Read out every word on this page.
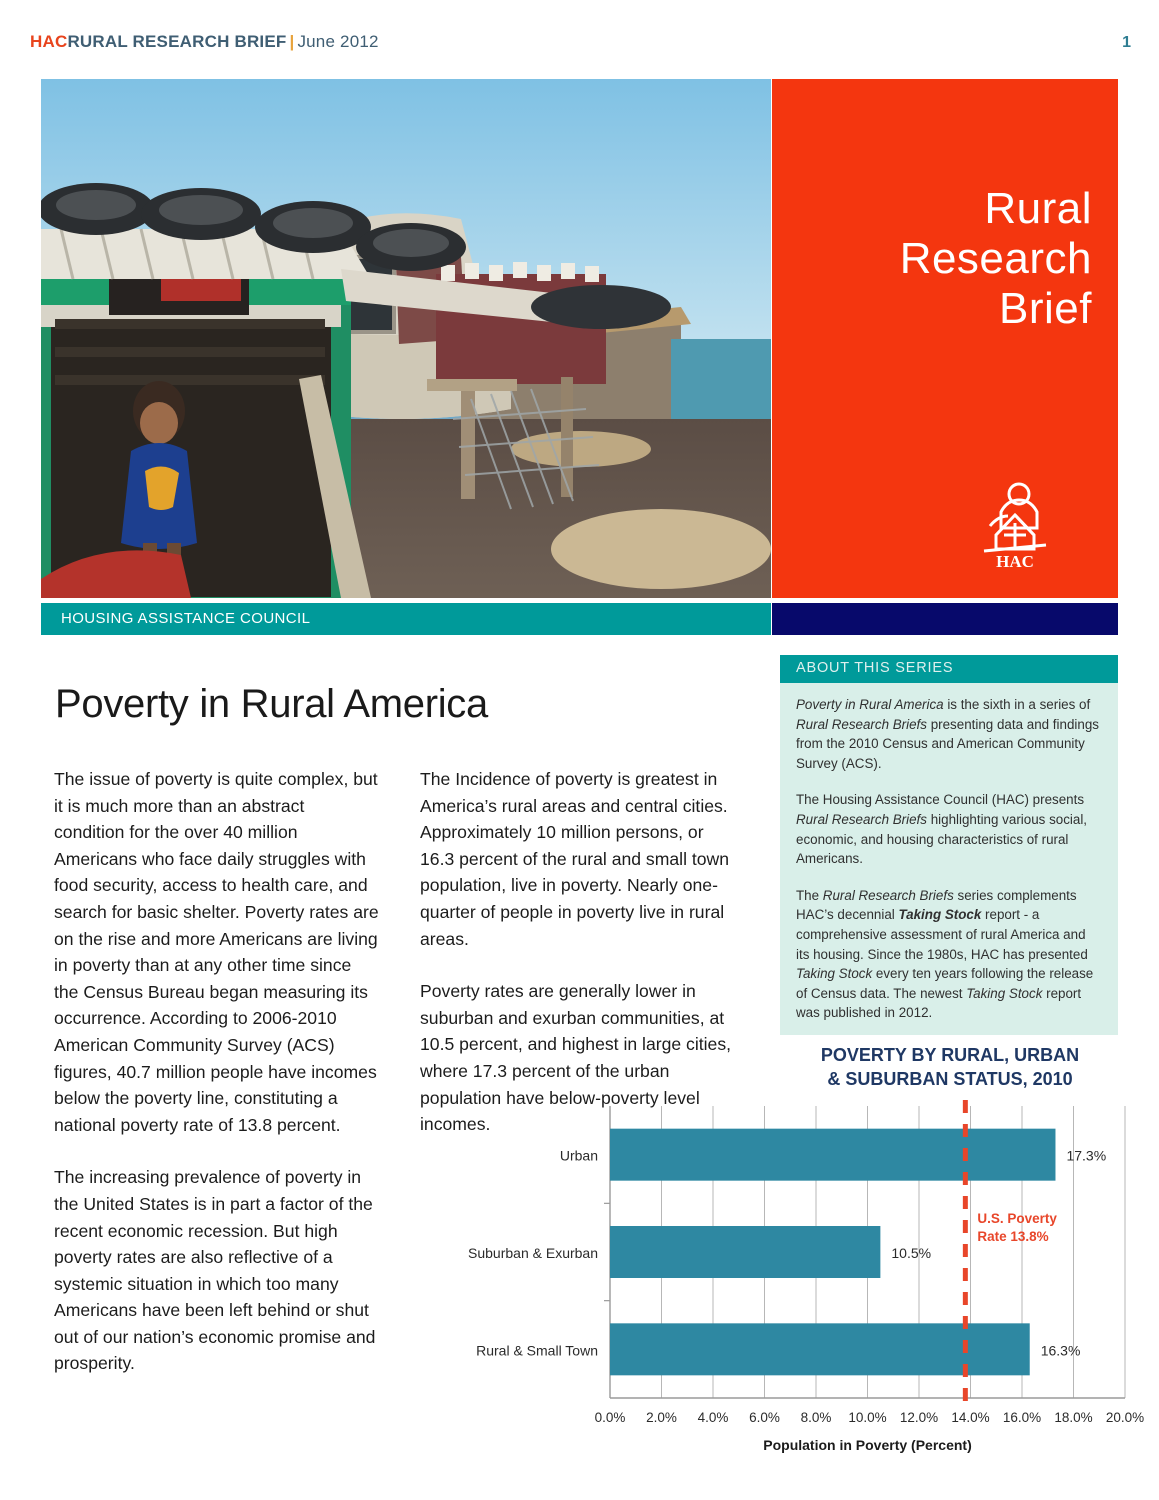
HACRURAL RESEARCH BRIEF | June 2012	1
Rural
Research
Brief
HAC
HOUSING ASSISTANCE COUNCIL
Poverty in Rural America

The issue of poverty is quite complex, but it is much more than an abstract condition for the over 40 million Americans who face daily struggles with food security, access to health care, and search for basic shelter. Poverty rates are on the rise and more Americans are living in poverty than at any other time since the Census Bureau began measuring its occurrence. According to 2006-2010 American Community Survey (ACS) figures, 40.7 million people have incomes below the poverty line, constituting a national poverty rate of 13.8 percent.

The increasing prevalence of poverty in the United States is in part a factor of the recent economic recession. But high poverty rates are also reflective of a systemic situation in which too many Americans have been left behind or shut out of our nation’s economic promise and prosperity.

The Incidence of poverty is greatest in America’s rural areas and central cities. Approximately 10 million persons, or 16.3 percent of the rural and small town population, live in poverty. Nearly one-quarter of people in poverty live in rural areas.

Poverty rates are generally lower in suburban and exurban communities, at 10.5 percent, and highest in large cities, where 17.3 percent of the urban population have below-poverty level incomes.

ABOUT THIS SERIES

Poverty in Rural America is the sixth in a series of Rural Research Briefs presenting data and findings from the 2010 Census and American Community Survey (ACS).

The Housing Assistance Council (HAC) presents Rural Research Briefs highlighting various social, economic, and housing characteristics of rural Americans.

The Rural Research Briefs series complements HAC’s decennial Taking Stock report - a comprehensive assessment of rural America and its housing. Since the 1980s, HAC has presented Taking Stock every ten years following the release of Census data. The newest Taking Stock report was published in 2012.

POVERTY BY RURAL, URBAN
& SUBURBAN STATUS, 2010
17.3%
Urban
10.5%
Suburban & Exurban
16.3%
Rural & Small Town
U.S. Poverty
Rate 13.8%
0.0% 2.0% 4.0% 6.0% 8.0% 10.0% 12.0% 14.0% 16.0% 18.0% 20.0%
Population in Poverty (Percent)
